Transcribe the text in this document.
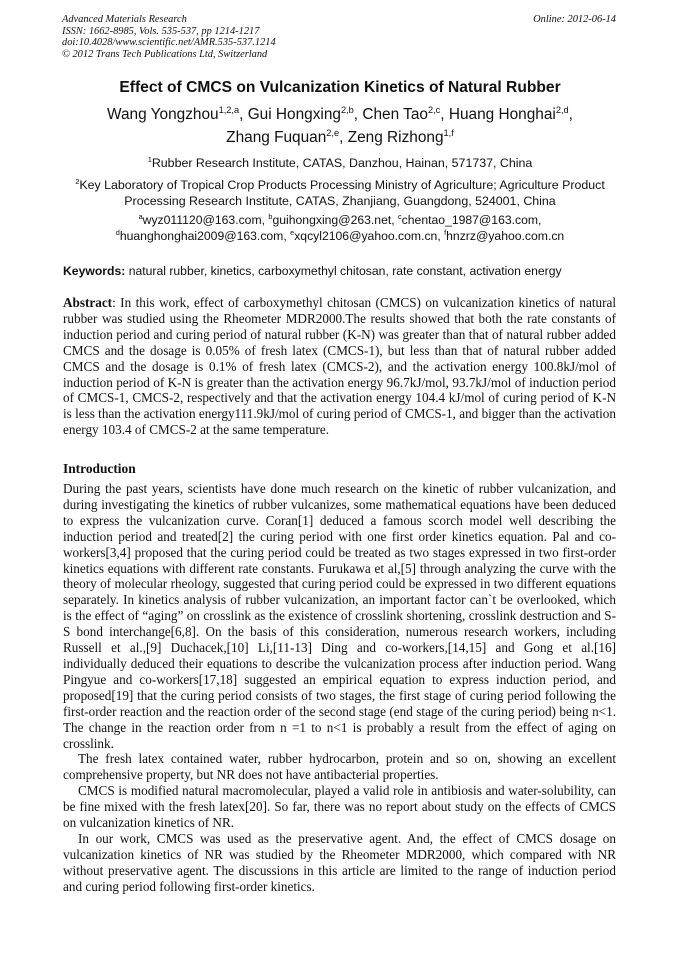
Advanced Materials Research
ISSN: 1662-8985, Vols. 535-537, pp 1214-1217
doi:10.4028/www.scientific.net/AMR.535-537.1214
© 2012 Trans Tech Publications Ltd, Switzerland
Online: 2012-06-14
Effect of CMCS on Vulcanization Kinetics of Natural Rubber
Wang Yongzhou$^{1,2,a}$, Gui Hongxing$^{2,b}$, Chen Tao$^{2,c}$, Huang Honghai$^{2,d}$,
Zhang Fuquan$^{2,e}$, Zeng Rizhong$^{1,f}$
$^1$Rubber Research Institute, CATAS, Danzhou, Hainan, 571737, China
$^2$Key Laboratory of Tropical Crop Products Processing Ministry of Agriculture; Agriculture Product Processing Research Institute, CATAS, Zhanjiang, Guangdong, 524001, China
$^a$wyz011120@163.com, $^b$guihongxing@263.net, $^c$chentao_1987@163.com,
$^d$huanghonghai2009@163.com, $^e$xqcyl2106@yahoo.com.cn, $^f$hnzrz@yahoo.com.cn
Keywords: natural rubber, kinetics, carboxymethyl chitosan, rate constant, activation energy
Abstract: In this work, effect of carboxymethyl chitosan (CMCS) on vulcanization kinetics of natural rubber was studied using the Rheometer MDR2000.The results showed that both the rate constants of induction period and curing period of natural rubber (K-N) was greater than that of natural rubber added CMCS and the dosage is 0.05% of fresh latex (CMCS-1), but less than that of natural rubber added CMCS and the dosage is 0.1% of fresh latex (CMCS-2), and the activation energy 100.8kJ/mol of induction period of K-N is greater than the activation energy 96.7kJ/mol, 93.7kJ/mol of induction period of CMCS-1, CMCS-2, respectively and that the activation energy 104.4 kJ/mol of curing period of K-N is less than the activation energy111.9kJ/mol of curing period of CMCS-1, and bigger than the activation energy 103.4 of CMCS-2 at the same temperature.
Introduction

During the past years, scientists have done much research on the kinetic of rubber vulcanization, and during investigating the kinetics of rubber vulcanizes, some mathematical equations have been deduced to express the vulcanization curve. Coran[1] deduced a famous scorch model well describing the induction period and treated[2] the curing period with one first order kinetics equation. Pal and co-workers[3,4] proposed that the curing period could be treated as two stages expressed in two first-order kinetics equations with different rate constants. Furukawa et al,[5] through analyzing the curve with the theory of molecular rheology, suggested that curing period could be expressed in two different equations separately. In kinetics analysis of rubber vulcanization, an important factor can`t be overlooked, which is the effect of “aging” on crosslink as the existence of crosslink shortening, crosslink destruction and S-S bond interchange[6,8]. On the basis of this consideration, numerous research workers, including Russell et al.,[9] Duchacek,[10] Li,[11-13] Ding and co-workers,[14,15] and Gong et al.[16] individually deduced their equations to describe the vulcanization process after induction period. Wang Pingyue and co-workers[17,18] suggested an empirical equation to express induction period, and proposed[19] that the curing period consists of two stages, the first stage of curing period following the first-order reaction and the reaction order of the second stage (end stage of the curing period) being n<1. The change in the reaction order from n =1 to n<1 is probably a result from the effect of aging on crosslink.

The fresh latex contained water, rubber hydrocarbon, protein and so on, showing an excellent comprehensive property, but NR does not have antibacterial properties.

CMCS is modified natural macromolecular, played a valid role in antibiosis and water-solubility, can be fine mixed with the fresh latex[20]. So far, there was no report about study on the effects of CMCS on vulcanization kinetics of NR.

In our work, CMCS was used as the preservative agent. And, the effect of CMCS dosage on vulcanization kinetics of NR was studied by the Rheometer MDR2000, which compared with NR without preservative agent. The discussions in this article are limited to the range of induction period and curing period following first-order kinetics.
